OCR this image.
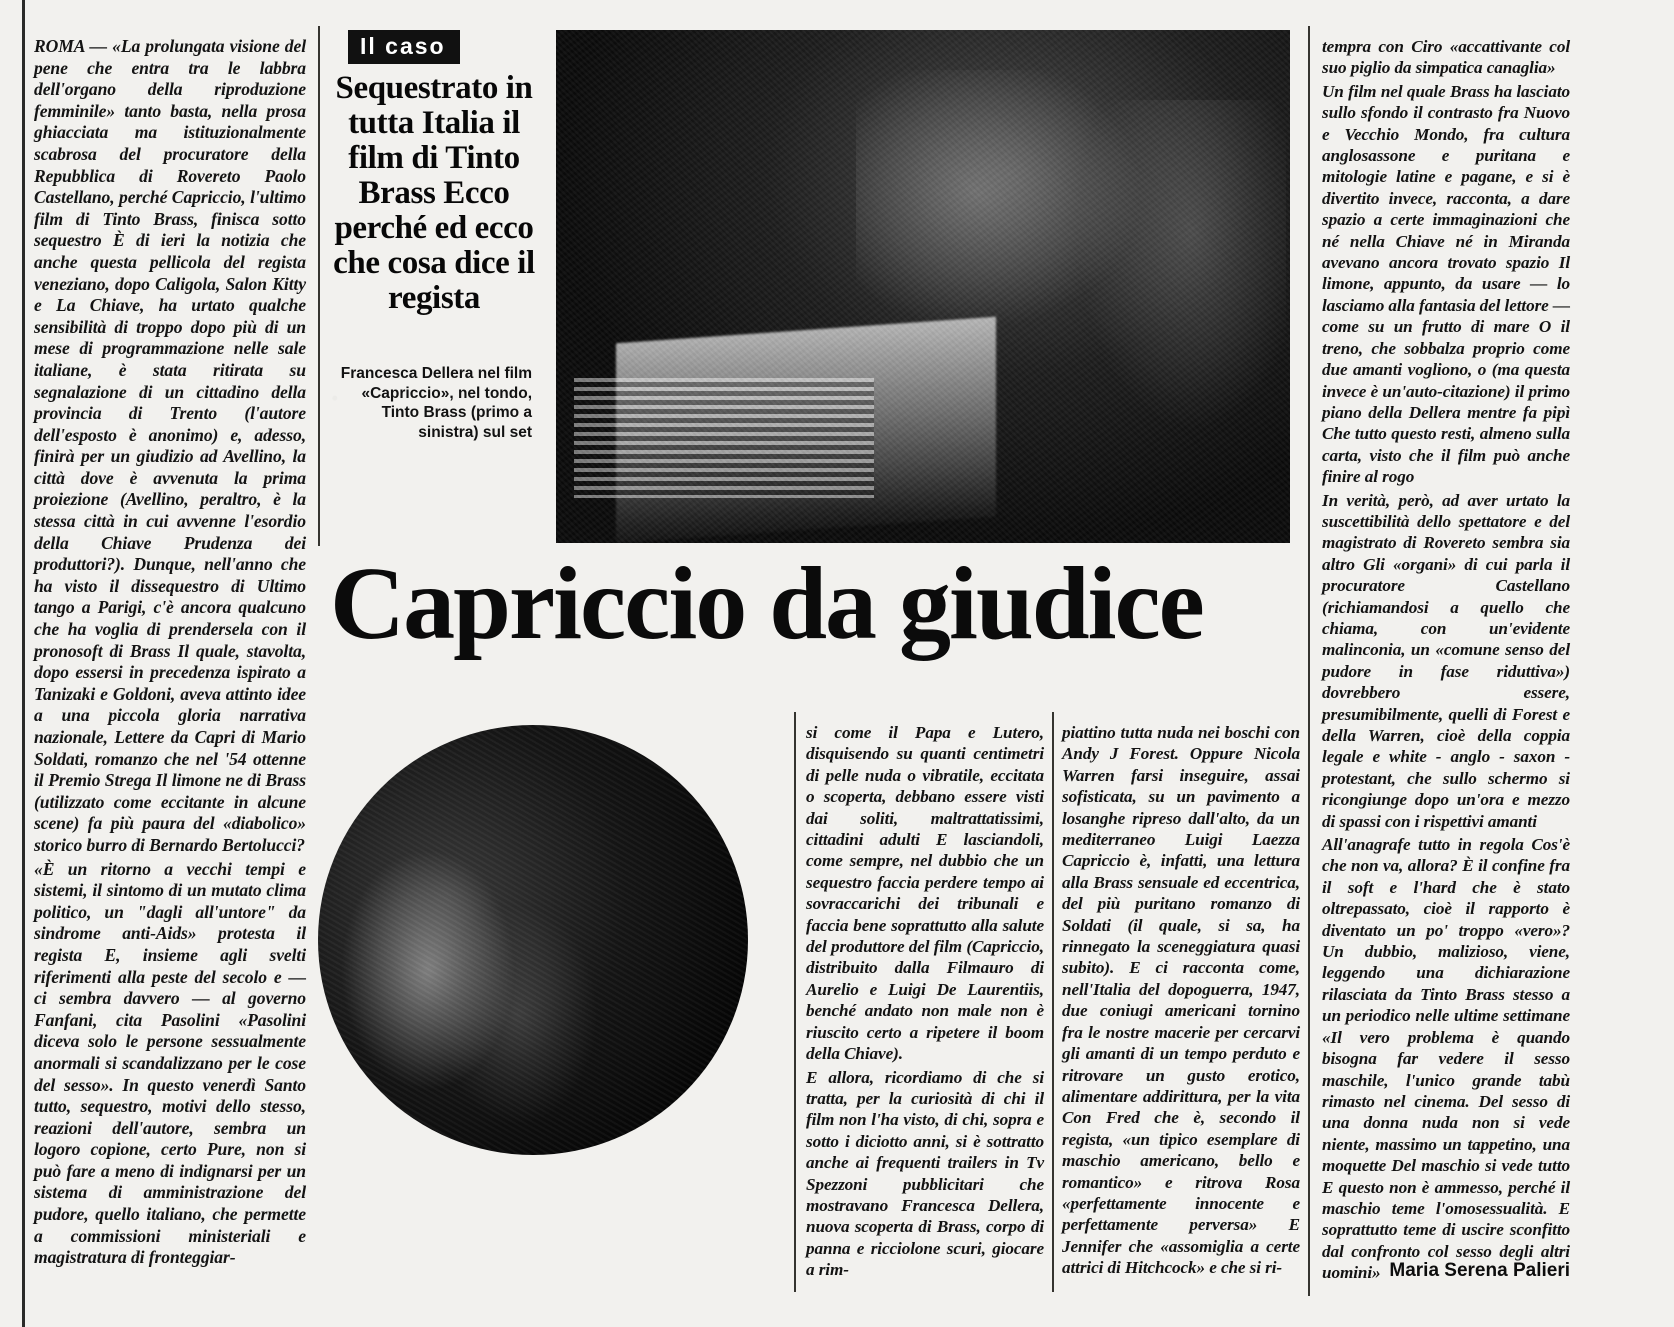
ROMA — «La prolungata visione del pene che entra tra le labbra dell'organo della riproduzione femminile» tanto basta, nella prosa ghiacciata ma istituzionalmente scabrosa del procuratore della Repubblica di Rovereto Paolo Castellano, perché Capriccio, l'ultimo film di Tinto Brass, finisca sotto sequestro È di ieri la notizia che anche questa pellicola del regista veneziano, dopo Caligola, Salon Kitty e La Chiave, ha urtato qualche sensibilità di troppo dopo più di un mese di programmazione nelle sale italiane, è stata ritirata su segnalazione di un cittadino della provincia di Trento (l'autore dell'esposto è anonimo) e, adesso, finirà per un giudizio ad Avellino, la città dove è avvenuta la prima proiezione (Avellino, peraltro, è la stessa città in cui avvenne l'esordio della Chiave Prudenza dei produttori?). Dunque, nell'anno che ha visto il dissequestro di Ultimo tango a Parigi, c'è ancora qualcuno che ha voglia di prendersela con il pronosoft di Brass Il quale, stavolta, dopo essersi in precedenza ispirato a Tanizaki e Goldoni, aveva attinto idee a una piccola gloria narrativa nazionale, Lettere da Capri di Mario Soldati, romanzo che nel '54 ottenne il Premio Strega Il limone ne di Brass (utilizzato come eccitante in alcune scene) fa più paura del «diabolico» storico burro di Bernardo Bertolucci?

«È un ritorno a vecchi tempi e sistemi, il sintomo di un mutato clima politico, un "dagli all'untore" da sindrome anti-Aids» protesta il regista E, insieme agli svelti riferimenti alla peste del secolo e — ci sembra davvero — al governo Fanfani, cita Pasolini «Pasolini diceva solo le persone sessualmente anormali si scandalizzano per le cose del sesso». In questo venerdì Santo tutto, sequestro, motivi dello stesso, reazioni dell'autore, sembra un logoro copione, certo Pure, non si può fare a meno di indignarsi per un sistema di amministrazione del pudore, quello italiano, che permette a commissioni ministeriali e magistratura di fronteggiar-

Il caso
Sequestrato in tutta Italia il film di Tinto Brass Ecco perché ed ecco che cosa dice il regista
Francesca Dellera nel film «Capriccio», nel tondo, Tinto Brass (primo a sinistra) sul set
Capriccio da giudice

si come il Papa e Lutero, disquisendo su quanti centimetri di pelle nuda o vibratile, eccitata o scoperta, debbano essere visti dai soliti, maltrattatissimi, cittadini adulti E lasciandoli, come sempre, nel dubbio che un sequestro faccia perdere tempo ai sovraccarichi dei tribunali e faccia bene soprattutto alla salute del produttore del film (Capriccio, distribuito dalla Filmauro di Aurelio e Luigi De Laurentiis, benché andato non male non è riuscito certo a ripetere il boom della Chiave).

E allora, ricordiamo di che si tratta, per la curiosità di chi il film non l'ha visto, di chi, sopra e sotto i diciotto anni, si è sottratto anche ai frequenti trailers in Tv Spezzoni pubblicitari che mostravano Francesca Dellera, nuova scoperta di Brass, corpo di panna e ricciolone scuri, giocare a rim-

piattino tutta nuda nei boschi con Andy J Forest. Oppure Nicola Warren farsi inseguire, assai sofisticata, su un pavimento a losanghe ripreso dall'alto, da un mediterraneo Luigi Laezza Capriccio è, infatti, una lettura alla Brass sensuale ed eccentrica, del più puritano romanzo di Soldati (il quale, si sa, ha rinnegato la sceneggiatura quasi subito). E ci racconta come, nell'Italia del dopoguerra, 1947, due coniugi americani tornino fra le nostre macerie per cercarvi gli amanti di un tempo perduto e ritrovare un gusto erotico, alimentare addirittura, per la vita Con Fred che è, secondo il regista, «un tipico esemplare di maschio americano, bello e romantico» e ritrova Rosa «perfettamente innocente e perfettamente perversa» E Jennifer che «assomiglia a certe attrici di Hitchcock» e che si ri-

tempra con Ciro «accattivante col suo piglio da simpatica canaglia»

Un film nel quale Brass ha lasciato sullo sfondo il contrasto fra Nuovo e Vecchio Mondo, fra cultura anglosassone e puritana e mitologie latine e pagane, e si è divertito invece, racconta, a dare spazio a certe immaginazioni che né nella Chiave né in Miranda avevano ancora trovato spazio Il limone, appunto, da usare — lo lasciamo alla fantasia del lettore — come su un frutto di mare O il treno, che sobbalza proprio come due amanti vogliono, o (ma questa invece è un'auto-citazione) il primo piano della Dellera mentre fa pipì Che tutto questo resti, almeno sulla carta, visto che il film può anche finire al rogo

In verità, però, ad aver urtato la suscettibilità dello spettatore e del magistrato di Rovereto sembra sia altro Gli «organi» di cui parla il procuratore Castellano (richiamandosi a quello che chiama, con un'evidente malinconia, un «comune senso del pudore in fase riduttiva») dovrebbero essere, presumibilmente, quelli di Forest e della Warren, cioè della coppia legale e white - anglo - saxon - protestant, che sullo schermo si ricongiunge dopo un'ora e mezzo di spassi con i rispettivi amanti

All'anagrafe tutto in regola Cos'è che non va, allora? È il confine fra il soft e l'hard che è stato oltrepassato, cioè il rapporto è diventato un po' troppo «vero»? Un dubbio, malizioso, viene, leggendo una dichiarazione rilasciata da Tinto Brass stesso a un periodico nelle ultime settimane «Il vero problema è quando bisogna far vedere il sesso maschile, l'unico grande tabù rimasto nel cinema. Del sesso di una donna nuda non si vede niente, massimo un tappetino, una moquette Del maschio si vede tutto E questo non è ammesso, perché il maschio teme l'omosessualità. E soprattutto teme di uscire sconfitto dal confronto col sesso degli altri uomini» Maria Serena Palieri
